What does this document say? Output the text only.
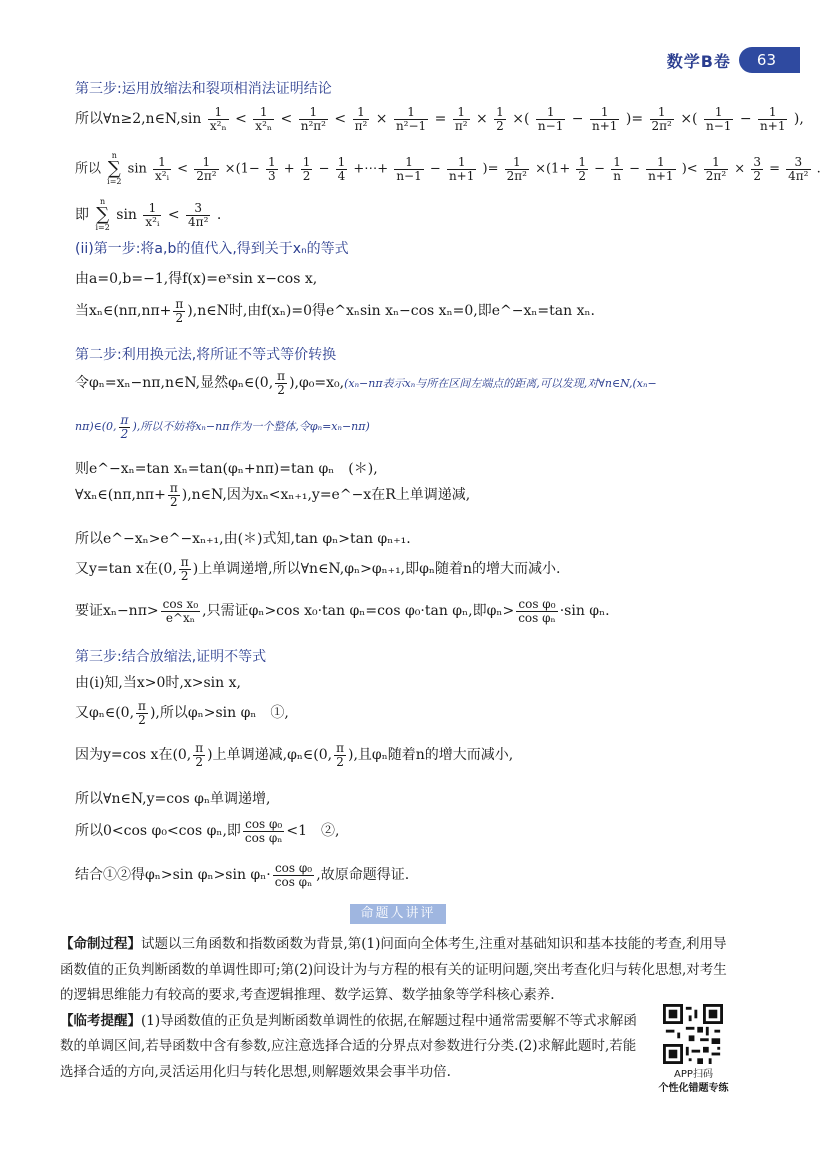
数学B卷	63
第三步:运用放缩法和裂项相消法证明结论
所以∀n≥2,n∈N,sin $\frac{1}{\text{x²ₙ}} < \frac{1}{\text{x²ₙ}} < \frac{1}{\text{n²π²}} < \frac{1}{\text{π²}} \times \frac{1}{\text{n²−1}} = \frac{1}{\text{π²}} \times \frac{1}{2}$ ×( $\frac{1}{n-1} - \frac{1}{n+1}$ )= $\frac{1}{\text{2π²}}$ ×( $\frac{1}{n-1} - \frac{1}{n+1}$ ),
所以 n
∑
i=2 $\sin \frac{1}{\text{x²ᵢ}} < \frac{1}{\text{2π²}} \times(1- \frac{1}{3} + \frac{1}{2} - \frac{1}{4}$ +⋯+ $\frac{1}{n-1} - \frac{1}{n+1}$ )= $\frac{1}{\text{2π²}} \times(1+ \frac{1}{2} - \frac{1}{n} - \frac{1}{n+1}$ )< $\frac{1}{\text{2π²}} \times \frac{3}{2} = \frac{3}{\text{4π²}}$ .
即 n
∑
i=2 $\sin \frac{1}{\text{x²ᵢ}} < \frac{3}{\text{4π²}}$ .
(ii)第一步:将a,b的值代入,得到关于xₙ的等式
由a=0,b=−1,得f(x)=eˣsin x−cos x,
当xₙ∈(nπ,nπ+ $\frac{\pi}{2}$ ),n∈N时,由f(xₙ)=0得e^xₙsin xₙ−cos xₙ=0,即e^−xₙ=tan xₙ.
第二步:利用换元法,将所证不等式等价转换
令φₙ=xₙ−nπ,n∈N,显然φₙ∈(0, $\frac{\pi}{2} ),\varphi_0=x_0,(x_n-n\pi$表示xₙ与所在区间左端点的距离,可以发现,对∀n∈N,(xₙ−
nπ)∈(0, $\frac{\pi}{2}$ ),所以不妨将xₙ−nπ作为一个整体,令φₙ=xₙ−nπ)
则e^−xₙ=tan xₙ=tan(φₙ+nπ)=tan φₙ　(＊),
∀xₙ∈(nπ,nπ+ $\frac{\pi}{2}$ ),n∈N,因为xₙ<xₙ₊₁,y=e^−x在R上单调递减,
所以e^−xₙ>e^−xₙ₊₁,由(＊)式知,tan φₙ>tan φₙ₊₁.
又y=tan x在(0, $\frac{\pi}{2}$ )上单调递增,所以∀n∈N,φₙ>φₙ₊₁,即φₙ随着n的增大而减小.
要证$x_n-n\pi> \frac{\text{cos x₀}}{\text{e\textasciicircum{}xₙ}}$ ,只需证φₙ>cos x₀·tan φₙ=cos φ₀·tan φₙ,即$\varphi_n> \frac{\text{cos φ₀}}{\text{cos φₙ}} \cdot\sin$ φₙ.
第三步:结合放缩法,证明不等式
由(i)知,当x>0时,x>sin x,
又φₙ∈(0, $\frac{\pi}{2}$ ),所以φₙ>sin φₙ　①,
因为y=cos x在(0, $\frac{\pi}{2}$ )上单调递减,φₙ∈(0, $\frac{\pi}{2}$ ),且φₙ随着n的增大而减小,
所以∀n∈N,y=cos φₙ单调递增,
所以0<cos φ₀<cos φₙ,即 $\frac{\text{cos φ₀}}{\text{cos φₙ}} <1$　②,
结合①②得φₙ>sin φₙ>sin $\varphi_n\cdot \frac{\text{cos φ₀}}{\text{cos φₙ}}$ ,故原命题得证.
命题人讲评

【命制过程】试题以三角函数和指数函数为背景,第(1)问面向全体考生,注重对基础知识和基本技能的考查,利用导函数值的正负判断函数的单调性即可;第(2)问设计为与方程的根有关的证明问题,突出考查化归与转化思想,对考生的逻辑思维能力有较高的要求,考查逻辑推理、数学运算、数学抽象等学科核心素养.

【临考提醒】(1)导函数值的正负是判断函数单调性的依据,在解题过程中通常需要解不等式求解函数的单调区间,若导函数中含有参数,应注意选择合适的分界点对参数进行分类.(2)求解此题时,若能选择合适的方向,灵活运用化归与转化思想,则解题效果会事半功倍.	APP扫码
个性化错题专练
